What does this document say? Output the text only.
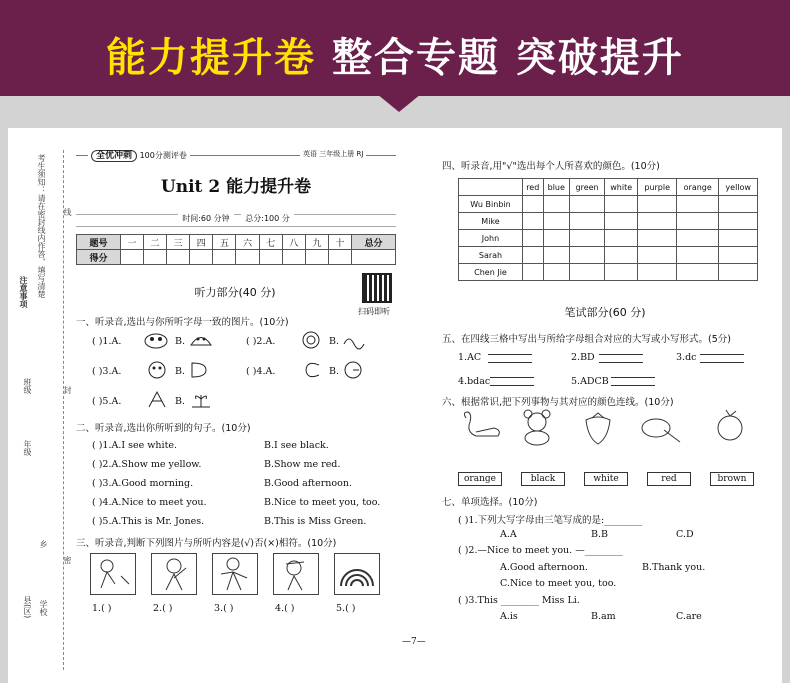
能力提升卷 整合专题 突破提升
考生须知：请在密封线内作答，填写清楚
注意事项
班级
年级
县(区)
乡
学校
线
封
密
全优冲刺 100分测评卷	英语 三年级上册 RJ
Unit 2 能力提升卷
时间:60 分钟 总分:100 分
题号	一	二	三	四	五	六	七	八	九	十	总分
得分											
听力部分(40 分)
扫码即听
一、听录音,选出与你所听字母一致的图片。(10分)
( )1.A.	B.	( )2.A.	B.
( )3.A.	B.	( )4.A.	B.
( )5.A.	B.
二、听录音,选出你所听到的句子。(10分)
( )1.A.I see white.	B.I see black.
( )2.A.Show me yellow.	B.Show me red.
( )3.A.Good morning.	B.Good afternoon.
( )4.A.Nice to meet you.	B.Nice to meet you, too.
( )5.A.This is Mr. Jones.	B.This is Miss Green.
三、听录音,判断下列图片与所听内容是(√)否(×)相符。(10分)
1.( )	2.( )	3.( )	4.( )	5.( )
四、听录音,用"√"选出每个人所喜欢的颜色。(10分)
	red	blue	green	white	purple	orange	yellow
Wu Binbin							
Mike							
John							
Sarah							
Chen Jie							
笔试部分(60 分)
五、在四线三格中写出与所给字母组合对应的大写或小写形式。(5分)
1.AC	2.BD	3.dc
4.bdac	5.ADCB
六、根据常识,把下列事物与其对应的颜色连线。(10分)
orange	black	white	red	brown
七、单项选择。(10分)
( )1.下列大写字母由三笔写成的是:________
A.A	B.B	C.D
( )2.—Nice to meet you. —________
A.Good afternoon.	B.Thank you.
C.Nice to meet you, too.
( )3.This ________ Miss Li.
A.is	B.am	C.are
—7—
